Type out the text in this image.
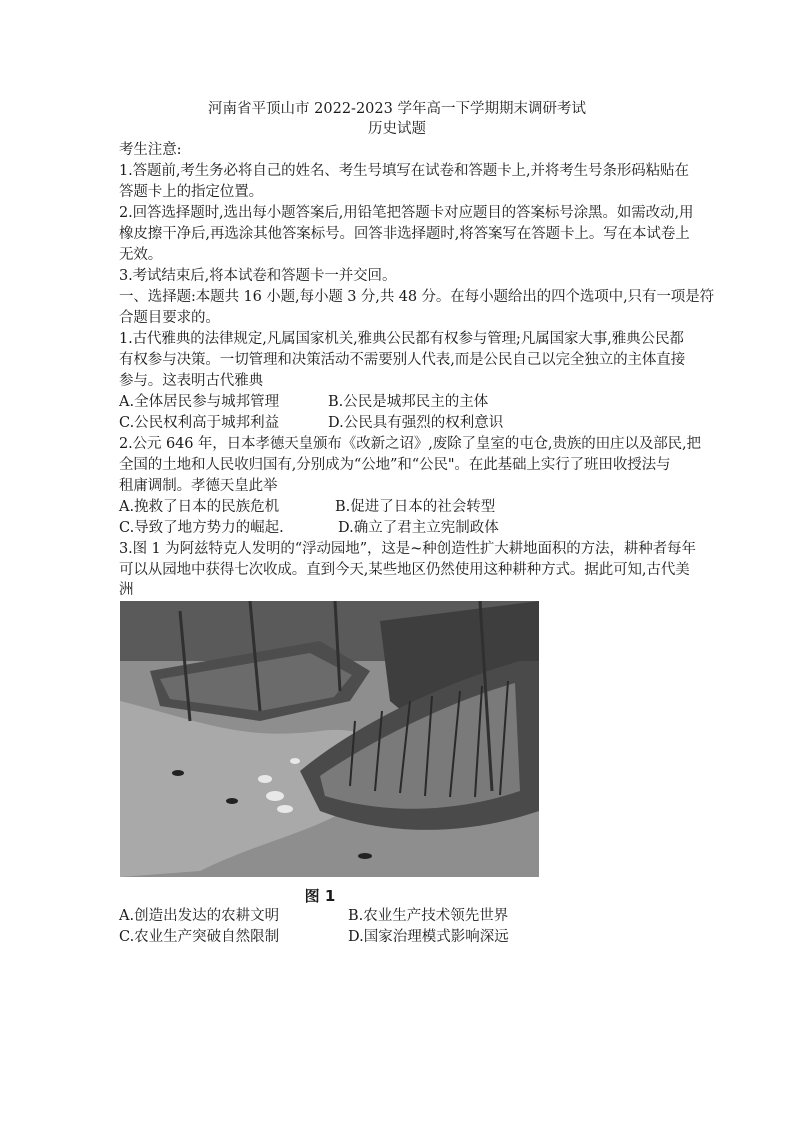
河南省平顶山市 2022-2023 学年高一下学期期末调研考试
历史试题
考生注意:
1.答题前,考生务必将自己的姓名、考生号填写在试卷和答题卡上,并将考生号条形码粘贴在
答题卡上的指定位置。
2.回答选择题时,选出每小题答案后,用铅笔把答题卡对应题目的答案标号涂黑。如需改动,用
橡皮擦干净后,再选涂其他答案标号。回答非选择题时,将答案写在答题卡上。写在本试卷上
无效。
3.考试结束后,将本试卷和答题卡一并交回。
一、选择题:本题共 16 小题,每小题 3 分,共 48 分。在每小题给出的四个选项中,只有一项是符
合题目要求的。
1.古代雅典的法律规定,凡属国家机关,雅典公民都有权参与管理;凡属国家大事,雅典公民都
有权参与决策。一切管理和决策活动不需要别人代表,而是公民自己以完全独立的主体直接
参与。这表明古代雅典
A.全体居民参与城邦管理	B.公民是城邦民主的主体
C.公民权利高于城邦利益	D.公民具有强烈的权利意识
2.公元 646 年，日本孝德天皇颁布《改新之诏》,废除了皇室的屯仓,贵族的田庄以及部民,把
全国的土地和人民收归国有,分别成为“公地”和“公民"。在此基础上实行了班田收授法与
租庸调制。孝德天皇此举
A.挽救了日本的民族危机	B.促进了日本的社会转型
C.导致了地方势力的崛起.	D.确立了君主立宪制政体
3.图 1 为阿兹特克人发明的“浮动园地”，这是~种创造性扩大耕地面积的方法，耕种者每年
可以从园地中获得七次收成。直到今天,某些地区仍然使用这种耕种方式。据此可知,古代美
洲
图 1
A.创造出发达的农耕文明	B.农业生产技术领先世界
C.农业生产突破自然限制	D.国家治理模式影响深远
